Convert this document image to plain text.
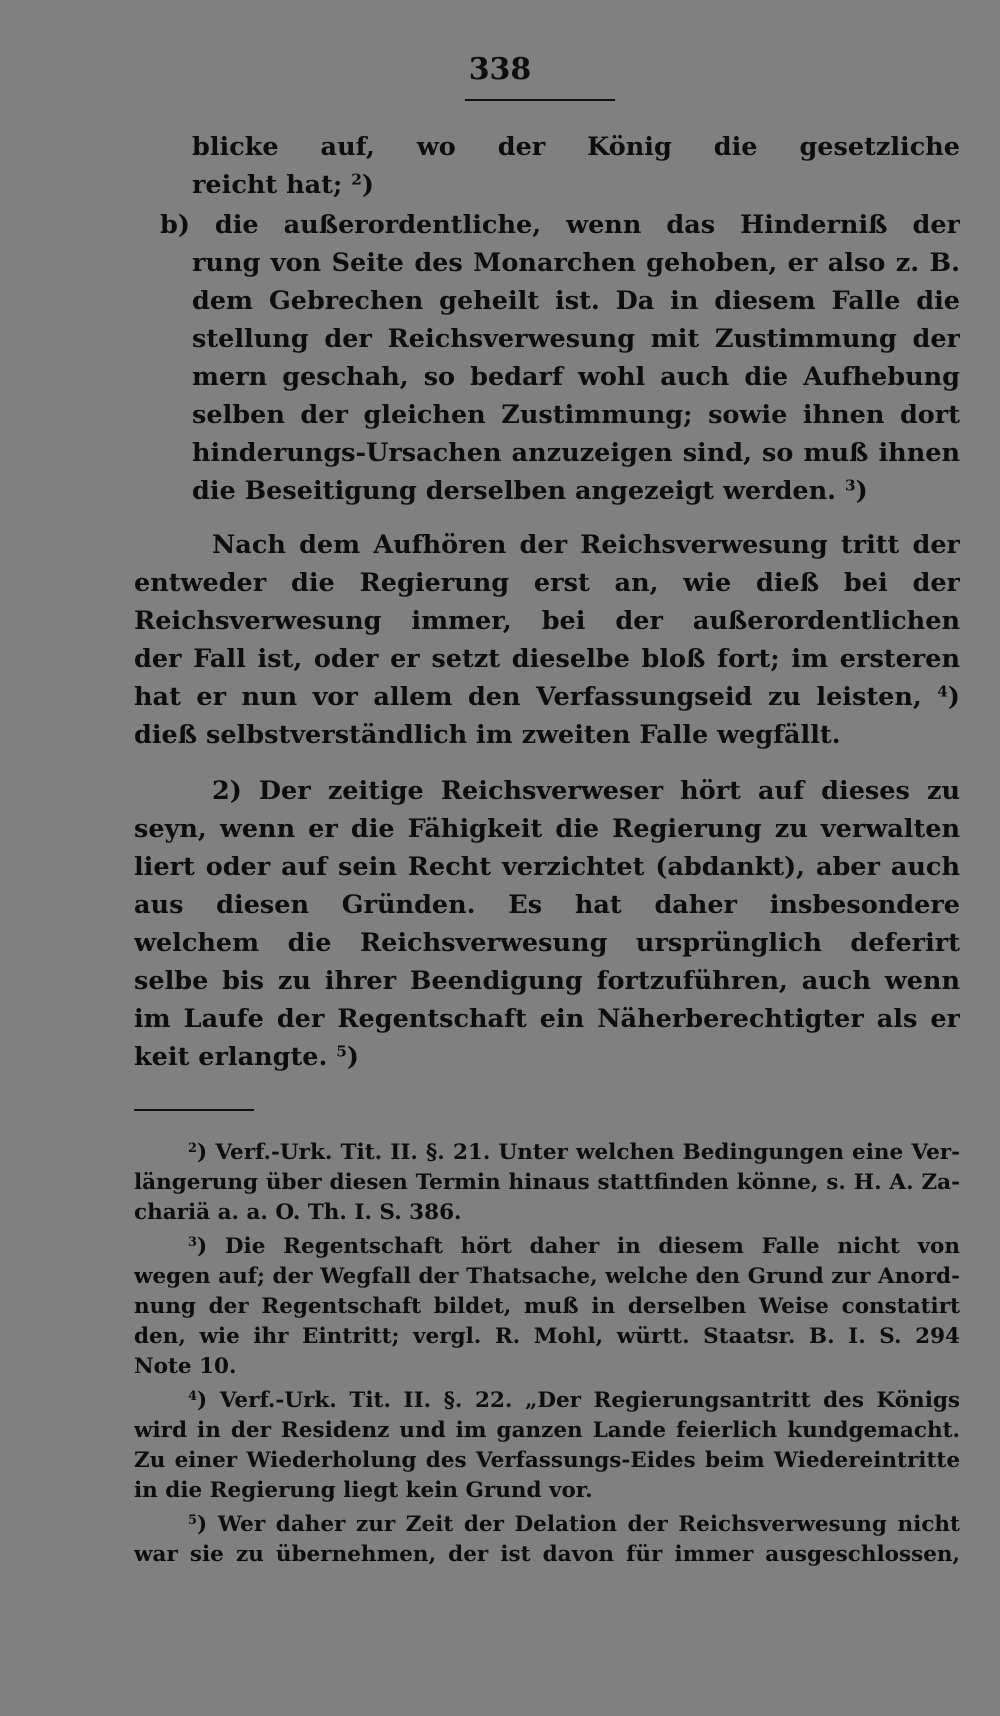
338
blicke auf, wo der König die gesetzliche
reicht hat; $^2$)
b) die außerordentliche, wenn das Hinderniß der
rung von Seite des Monarchen gehoben, er also z. B.
dem Gebrechen geheilt ist. Da in diesem Falle die
stellung der Reichsverwesung mit Zustimmung der
mern geschah, so bedarf wohl auch die Aufhebung
selben der gleichen Zustimmung; sowie ihnen dort
hinderungs-Ursachen anzuzeigen sind, so muß ihnen
die Beseitigung derselben angezeigt werden. $^3$)
Nach dem Aufhören der Reichsverwesung tritt der
entweder die Regierung erst an, wie dieß bei der
Reichsverwesung immer, bei der außerordentlichen
der Fall ist, oder er setzt dieselbe bloß fort; im ersteren
hat er nun vor allem den Verfassungseid zu leisten, $^4$)
dieß selbstverständlich im zweiten Falle wegfällt.
2) Der zeitige Reichsverweser hört auf dieses zu
seyn, wenn er die Fähigkeit die Regierung zu verwalten
liert oder auf sein Recht verzichtet (abdankt), aber auch
aus diesen Gründen. Es hat daher insbesondere
welchem die Reichsverwesung ursprünglich deferirt
selbe bis zu ihrer Beendigung fortzuführen, auch wenn
im Laufe der Regentschaft ein Näherberechtigter als er
keit erlangte. $^5$)
$^2$) Verf.-Urk. Tit. II. §. 21. Unter welchen Bedingungen eine Ver-
längerung über diesen Termin hinaus stattfinden könne, s. H. A. Za-
chariä a. a. O. Th. I. S. 386.
$^3$) Die Regentschaft hört daher in diesem Falle nicht von
wegen auf; der Wegfall der Thatsache, welche den Grund zur Anord-
nung der Regentschaft bildet, muß in derselben Weise constatirt
den, wie ihr Eintritt; vergl. R. Mohl, württ. Staatsr. B. I. S. 294
Note 10.
$^4$) Verf.-Urk. Tit. II. §. 22. „Der Regierungsantritt des Königs
wird in der Residenz und im ganzen Lande feierlich kundgemacht.
Zu einer Wiederholung des Verfassungs-Eides beim Wiedereintritte
in die Regierung liegt kein Grund vor.
$^5$) Wer daher zur Zeit der Delation der Reichsverwesung nicht
war sie zu übernehmen, der ist davon für immer ausgeschlossen,
